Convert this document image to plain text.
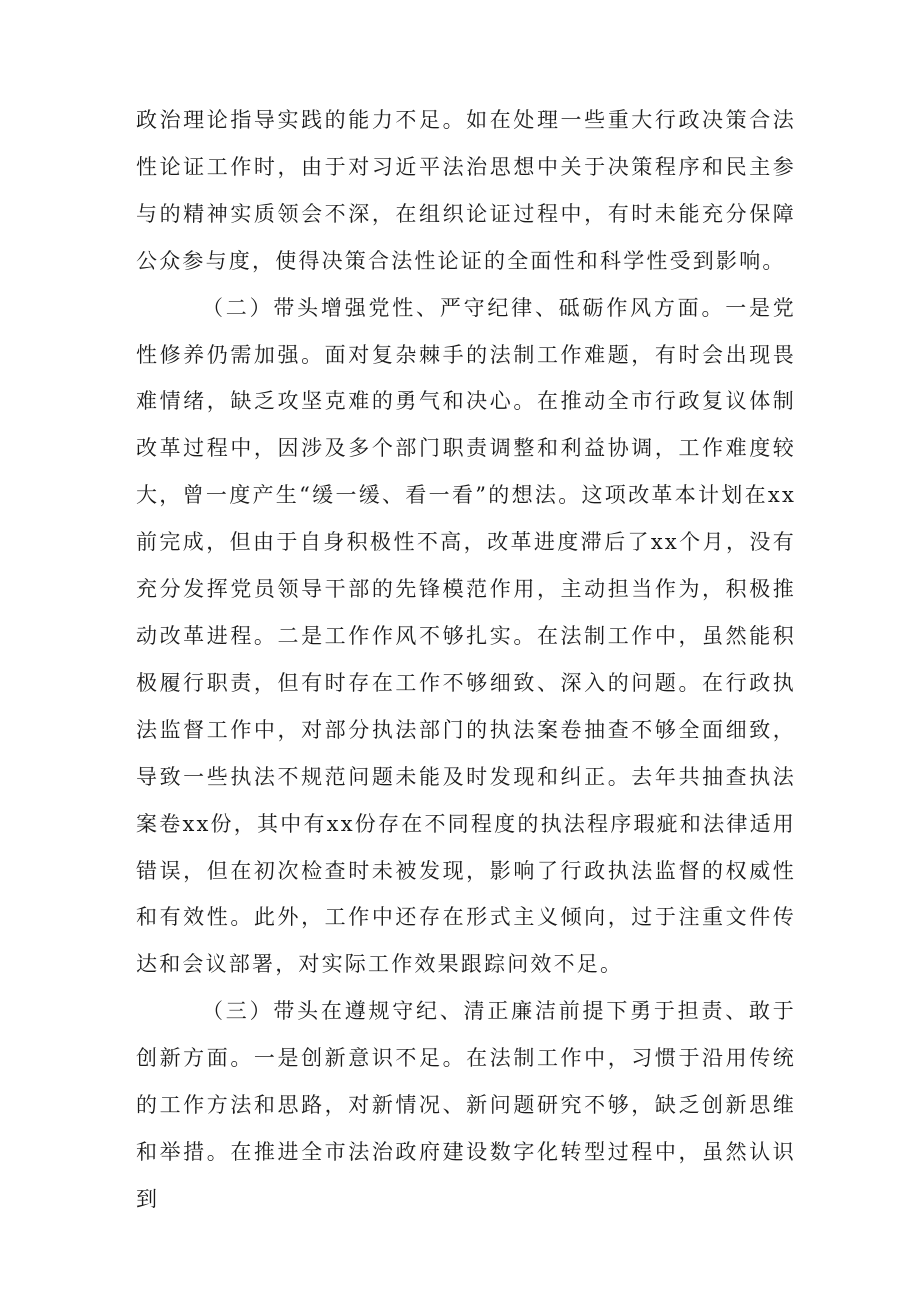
政治理论指导实践的能力不足。如在处理一些重大行政决策合法性论证工作时，由于对习近平法治思想中关于决策程序和民主参与的精神实质领会不深，在组织论证过程中，有时未能充分保障公众参与度，使得决策合法性论证的全面性和科学性受到影响。

（二）带头增强党性、严守纪律、砥砺作风方面。一是党性修养仍需加强。面对复杂棘手的法制工作难题，有时会出现畏难情绪，缺乏攻坚克难的勇气和决心。在推动全市行政复议体制改革过程中，因涉及多个部门职责调整和利益协调，工作难度较大，曾一度产生“缓一缓、看一看”的想法。这项改革本计划在xx前完成，但由于自身积极性不高，改革进度滞后了xx个月，没有充分发挥党员领导干部的先锋模范作用，主动担当作为，积极推动改革进程。二是工作作风不够扎实。在法制工作中，虽然能积极履行职责，但有时存在工作不够细致、深入的问题。在行政执法监督工作中，对部分执法部门的执法案卷抽查不够全面细致，导致一些执法不规范问题未能及时发现和纠正。去年共抽查执法案卷xx份，其中有xx份存在不同程度的执法程序瑕疵和法律适用错误，但在初次检查时未被发现，影响了行政执法监督的权威性和有效性。此外，工作中还存在形式主义倾向，过于注重文件传达和会议部署，对实际工作效果跟踪问效不足。

（三）带头在遵规守纪、清正廉洁前提下勇于担责、敢于创新方面。一是创新意识不足。在法制工作中，习惯于沿用传统的工作方法和思路，对新情况、新问题研究不够，缺乏创新思维和举措。在推进全市法治政府建设数字化转型过程中，虽然认识到
